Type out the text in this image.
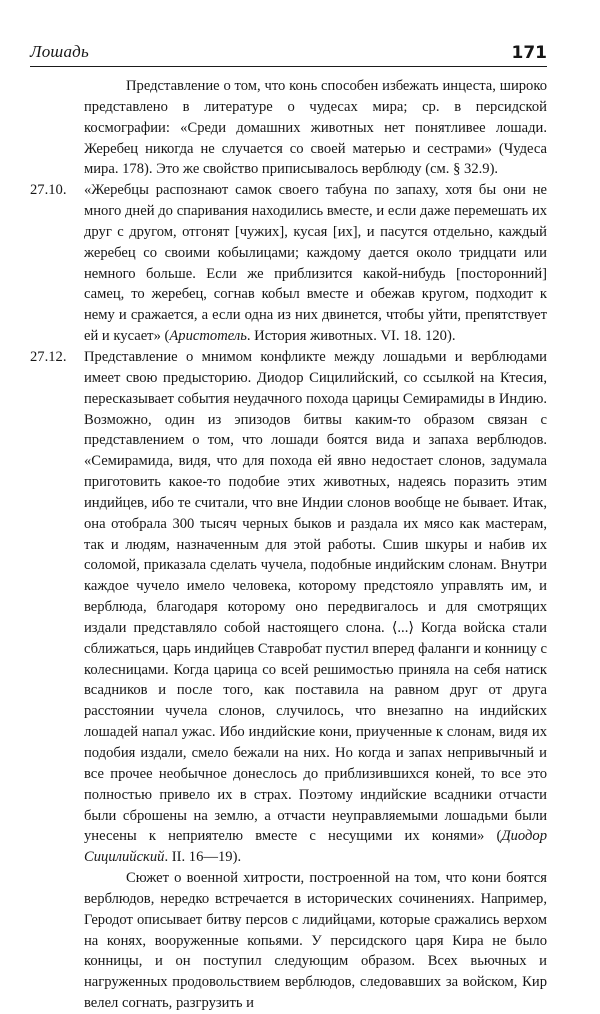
Лошадь	171

Представление о том, что конь способен избежать инцеста, широко представлено в литературе о чудесах мира; ср. в персидской космографии: «Среди домашних животных нет понятливее лошади. Жеребец никогда не случается со своей матерью и сестрами» (Чудеса мира. 178). Это же свойство приписывалось верблюду (см. § 32.9).

27.10. «Жеребцы распознают самок своего табуна по запаху, хотя бы они не много дней до спаривания находились вместе, и если даже перемешать их друг с другом, отгонят [чужих], кусая [их], и пасутся отдельно, каждый жеребец со своими кобылицами; каждому дается около тридцати или немного больше. Если же приблизится какой-нибудь [посторонний] самец, то жеребец, согнав кобыл вместе и обежав кругом, подходит к нему и сражается, а если одна из них двинется, чтобы уйти, препятствует ей и кусает» (Аристотель. История животных. VI. 18. 120).
27.12. Представление о мнимом конфликте между лошадьми и верблюдами имеет свою предысторию. Диодор Сицилийский, со ссылкой на Ктесия, пересказывает события неудачного похода царицы Семирамиды в Индию. Возможно, один из эпизодов битвы каким-то образом связан с представлением о том, что лошади боятся вида и запаха верблюдов. «Семирамида, видя, что для похода ей явно недостает слонов, задумала приготовить какое-то подобие этих животных, надеясь поразить этим индийцев, ибо те считали, что вне Индии слонов вообще не бывает. Итак, она отобрала 300 тысяч черных быков и раздала их мясо как мастерам, так и людям, назначенным для этой работы. Сшив шкуры и набив их соломой, приказала сделать чучела, подобные индийским слонам. Внутри каждое чучело имело человека, которому предстояло управлять им, и верблюда, благодаря которому оно передвигалось и для смотрящих издали представляло собой настоящего слона. ⟨...⟩ Когда войска стали сближаться, царь индийцев Ставробат пустил вперед фаланги и конницу с колесницами. Когда царица со всей решимостью приняла на себя натиск всадников и после того, как поставила на равном друг от друга расстоянии чучела слонов, случилось, что внезапно на индийских лошадей напал ужас. Ибо индийские кони, приученные к слонам, видя их подобия издали, смело бежали на них. Но когда и запах непривычный и все прочее необычное донеслось до приблизившихся коней, то все это полностью привело их в страх. Поэтому индийские всадники отчасти были сброшены на землю, а отчасти неуправляемыми лошадьми были унесены к неприятелю вместе с несущими их конями» (Диодор Сицилийский. II. 16—19).

Сюжет о военной хитрости, построенной на том, что кони боятся верблюдов, нередко встречается в исторических сочинениях. Например, Геродот описывает битву персов с лидийцами, которые сражались верхом на конях, вооруженные копьями. У персидского царя Кира не было конницы, и он поступил следующим образом. Всех вьючных и нагруженных продовольствием верблюдов, следовавших за войском, Кир велел согнать, разгрузить и
